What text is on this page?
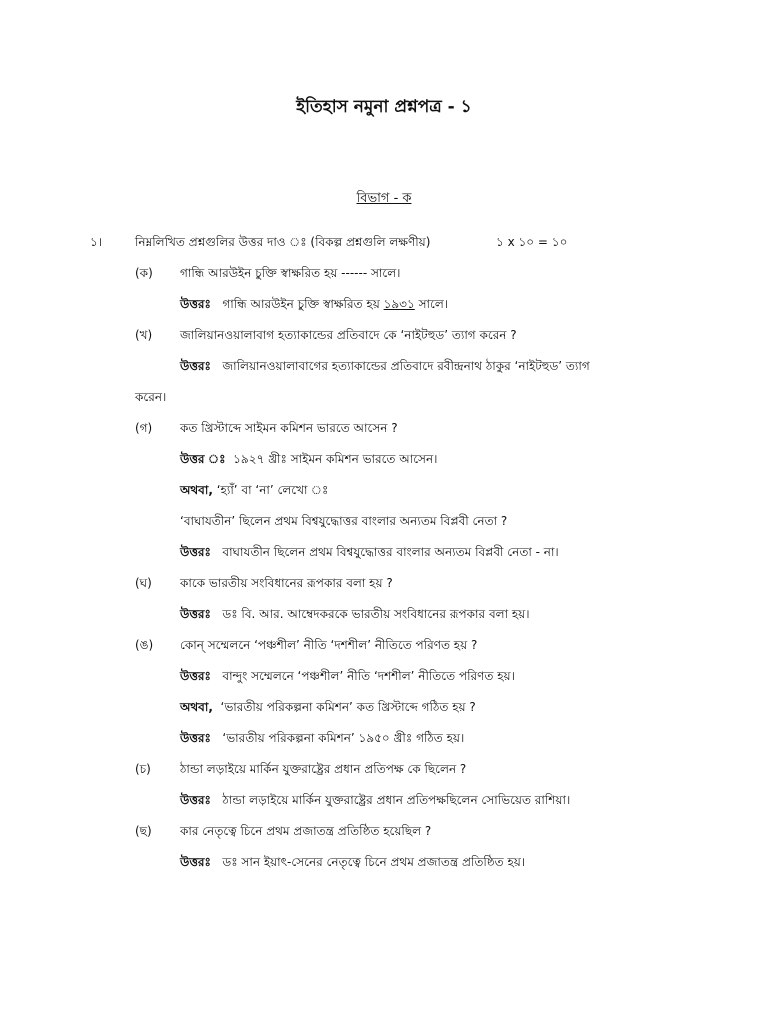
ইতিহাস নমুনা প্রশ্নপত্র - ১
বিভাগ - ক
১।	নিম্নলিখিত প্রশ্নগুলির উত্তর দাও ঃ (বিকল্প প্রশ্নগুলি লক্ষণীয়)	১ x ১০ = ১০
(ক) গান্ধি আরউইন চুক্তি স্বাক্ষরিত হয় ------ সালে।
উত্তরঃ গান্ধি আরউইন চুক্তি স্বাক্ষরিত হয় ১৯৩১ সালে।
(খ) জালিয়ানওয়ালাবাগ হত্যাকান্ডের প্রতিবাদে কে ‘নাইটহুড’ ত্যাগ করেন ?
উত্তরঃ জালিয়ানওয়ালাবাগের হত্যাকান্ডের প্রতিবাদে রবীন্দ্রনাথ ঠাকুর ‘নাইটহুড’ ত্যাগ
করেন।
(গ) কত খ্রিস্টাব্দে সাইমন কমিশন ভারতে আসেন ?
উত্তর ঃ ১৯২৭ খ্রীঃ সাইমন কমিশন ভারতে আসেন।
অথবা, ‘হ্যাঁ’ বা ‘না’ লেখো ঃ
‘বাঘাযতীন’ ছিলেন প্রথম বিশ্বযুদ্ধোত্তর বাংলার অন্যতম বিপ্লবী নেতা ?
উত্তরঃ বাঘাযতীন ছিলেন প্রথম বিশ্বযুদ্ধোত্তর বাংলার অন্যতম বিপ্লবী নেতা - না।
(ঘ) কাকে ভারতীয় সংবিধানের রূপকার বলা হয় ?
উত্তরঃ ডঃ বি. আর. আম্বেদকরকে ভারতীয় সংবিধানের রূপকার বলা হয়।
(ঙ) কোন্ সম্মেলনে ‘পঞ্চশীল’ নীতি ‘দশশীল’ নীতিতে পরিণত হয় ?
উত্তরঃ বান্দুং সম্মেলনে ‘পঞ্চশীল’ নীতি ‘দশশীল’ নীতিতে পরিণত হয়।
অথবা, ‘ভারতীয় পরিকল্পনা কমিশন’ কত খ্রিস্টাব্দে গঠিত হয় ?
উত্তরঃ ‘ভারতীয় পরিকল্পনা কমিশন’ ১৯৫০ খ্রীঃ গঠিত হয়।
(চ) ঠান্ডা লড়াইয়ে মার্কিন যুক্তরাষ্ট্রের প্রধান প্রতিপক্ষ কে ছিলেন ?
উত্তরঃ ঠান্ডা লড়াইয়ে মার্কিন যুক্তরাষ্ট্রের প্রধান প্রতিপক্ষছিলেন সোভিয়েত রাশিয়া।
(ছ) কার নেতৃত্বে চিনে প্রথম প্রজাতন্ত্র প্রতিষ্ঠিত হয়েছিল ?
উত্তরঃ ডঃ সান ইয়াৎ-সেনের নেতৃত্বে চিনে প্রথম প্রজাতন্ত্র প্রতিষ্ঠিত হয়।
